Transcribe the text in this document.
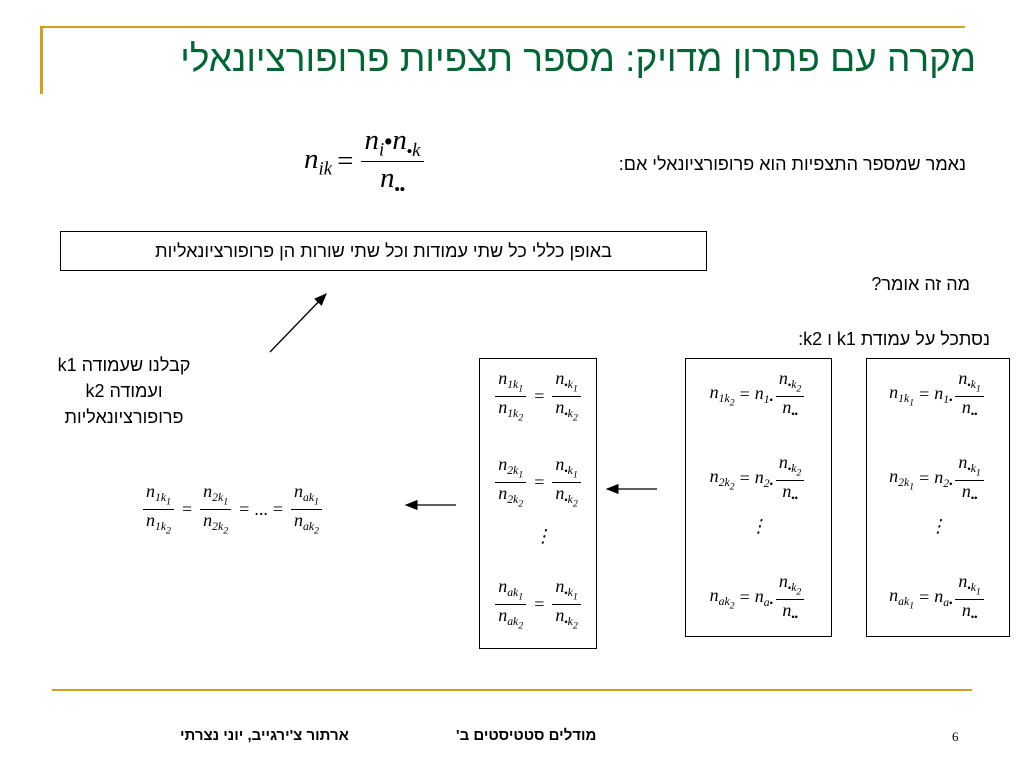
מקרה עם פתרון מדויק: מספר תצפיות פרופורציונאלי
נאמר שמספר התצפיות הוא פרופורציונאלי אם:
$n_{ik} = \frac{n_i•n_{•k}}{n_{••}}$
באופן כללי כל שתי עמודות וכל שתי שורות הן פרופורציונאליות
מה זה אומר?
נסתכל על עמודת k1 ו k2:
קבלנו שעמודה k1
ועמודה k2
פרופורציונאליות
$n_{1k_1} = n_{1•} \frac{n_{•k_1}}{n_{••}}$
$n_{2k_1} = n_{2•} \frac{n_{•k_1}}{n_{••}}$
⋮
$n_{ak_1} = n_{a•} \frac{n_{•k_1}}{n_{••}}$
$n_{1k_2} = n_{1•} \frac{n_{•k_2}}{n_{••}}$
$n_{2k_2} = n_{2•} \frac{n_{•k_2}}{n_{••}}$
⋮
$n_{ak_2} = n_{a•} \frac{n_{•k_2}}{n_{••}}$
$\frac{n_{1k_1}}{n_{1k_2}} = \frac{n_{•k_1}}{n_{•k_2}}$
$\frac{n_{2k_1}}{n_{2k_2}} = \frac{n_{•k_1}}{n_{•k_2}}$
⋮
$\frac{n_{ak_1}}{n_{ak_2}} = \frac{n_{•k_1}}{n_{•k_2}}$
$\frac{n_{1k_1}}{n_{1k_2}} = \frac{n_{2k_1}}{n_{2k_2}}$ = ... = $\frac{n_{ak_1}}{n_{ak_2}}$
מודלים סטטיסטים ב'
ארתור צ'ירגייב, יוני נצרתי	6
